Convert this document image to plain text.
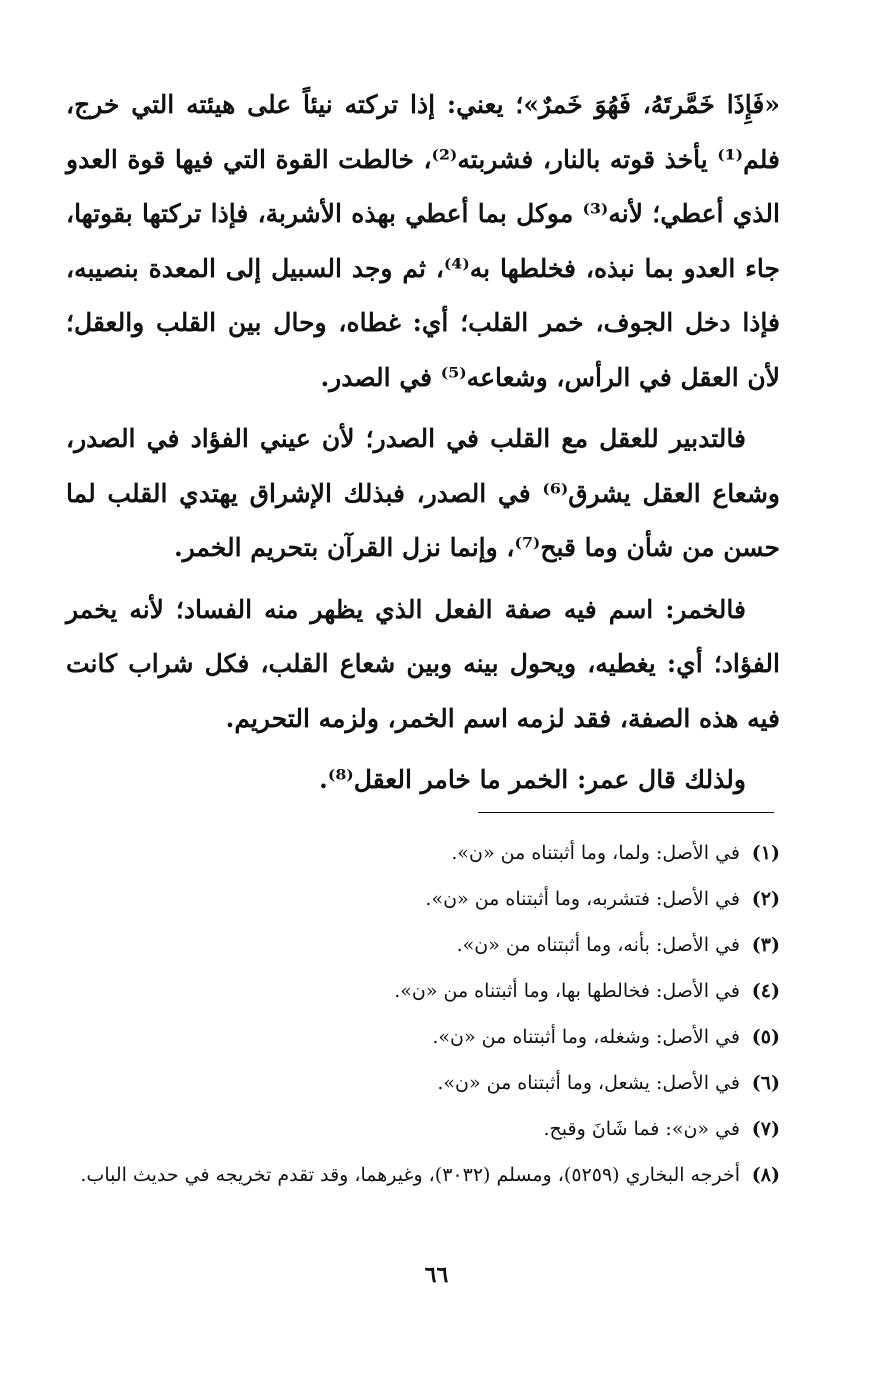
«فَإِذَا خَمَّرتَهُ، فَهُوَ خَمرٌ»؛ يعني: إذا تركته نيئاً على هيئته التي خرج، فلم⁽¹⁾ يأخذ قوته بالنار، فشربته⁽²⁾، خالطت القوة التي فيها قوة العدو الذي أعطي؛ لأنه⁽³⁾ موكل بما أعطي بهذه الأشربة، فإذا تركتها بقوتها، جاء العدو بما نبذه، فخلطها به⁽⁴⁾، ثم وجد السبيل إلى المعدة بنصيبه، فإذا دخل الجوف، خمر القلب؛ أي: غطاه، وحال بين القلب والعقل؛ لأن العقل في الرأس، وشعاعه⁽⁵⁾ في الصدر.

فالتدبير للعقل مع القلب في الصدر؛ لأن عيني الفؤاد في الصدر، وشعاع العقل يشرق⁽⁶⁾ في الصدر، فبذلك الإشراق يهتدي القلب لما حسن من شأن وما قبح⁽⁷⁾، وإنما نزل القرآن بتحريم الخمر.

فالخمر: اسم فيه صفة الفعل الذي يظهر منه الفساد؛ لأنه يخمر الفؤاد؛ أي: يغطيه، ويحول بينه وبين شعاع القلب، فكل شراب كانت فيه هذه الصفة، فقد لزمه اسم الخمر، ولزمه التحريم.

ولذلك قال عمر: الخمر ما خامر العقل⁽⁸⁾.

(١)
في الأصل: ولما، وما أثبتناه من «ن».
(٢)
في الأصل: فتشربه، وما أثبتناه من «ن».
(٣)
في الأصل: بأنه، وما أثبتناه من «ن».
(٤)
في الأصل: فخالطها بها، وما أثبتناه من «ن».
(٥)
في الأصل: وشغله، وما أثبتناه من «ن».
(٦)
في الأصل: يشعل، وما أثبتناه من «ن».
(٧)
في «ن»: فما شَانَ وقبح.
(٨)
أخرجه البخاري (٥٢٥٩)، ومسلم (٣٠٣٢)، وغيرهما، وقد تقدم تخريجه في حديث الباب.
٦٦
